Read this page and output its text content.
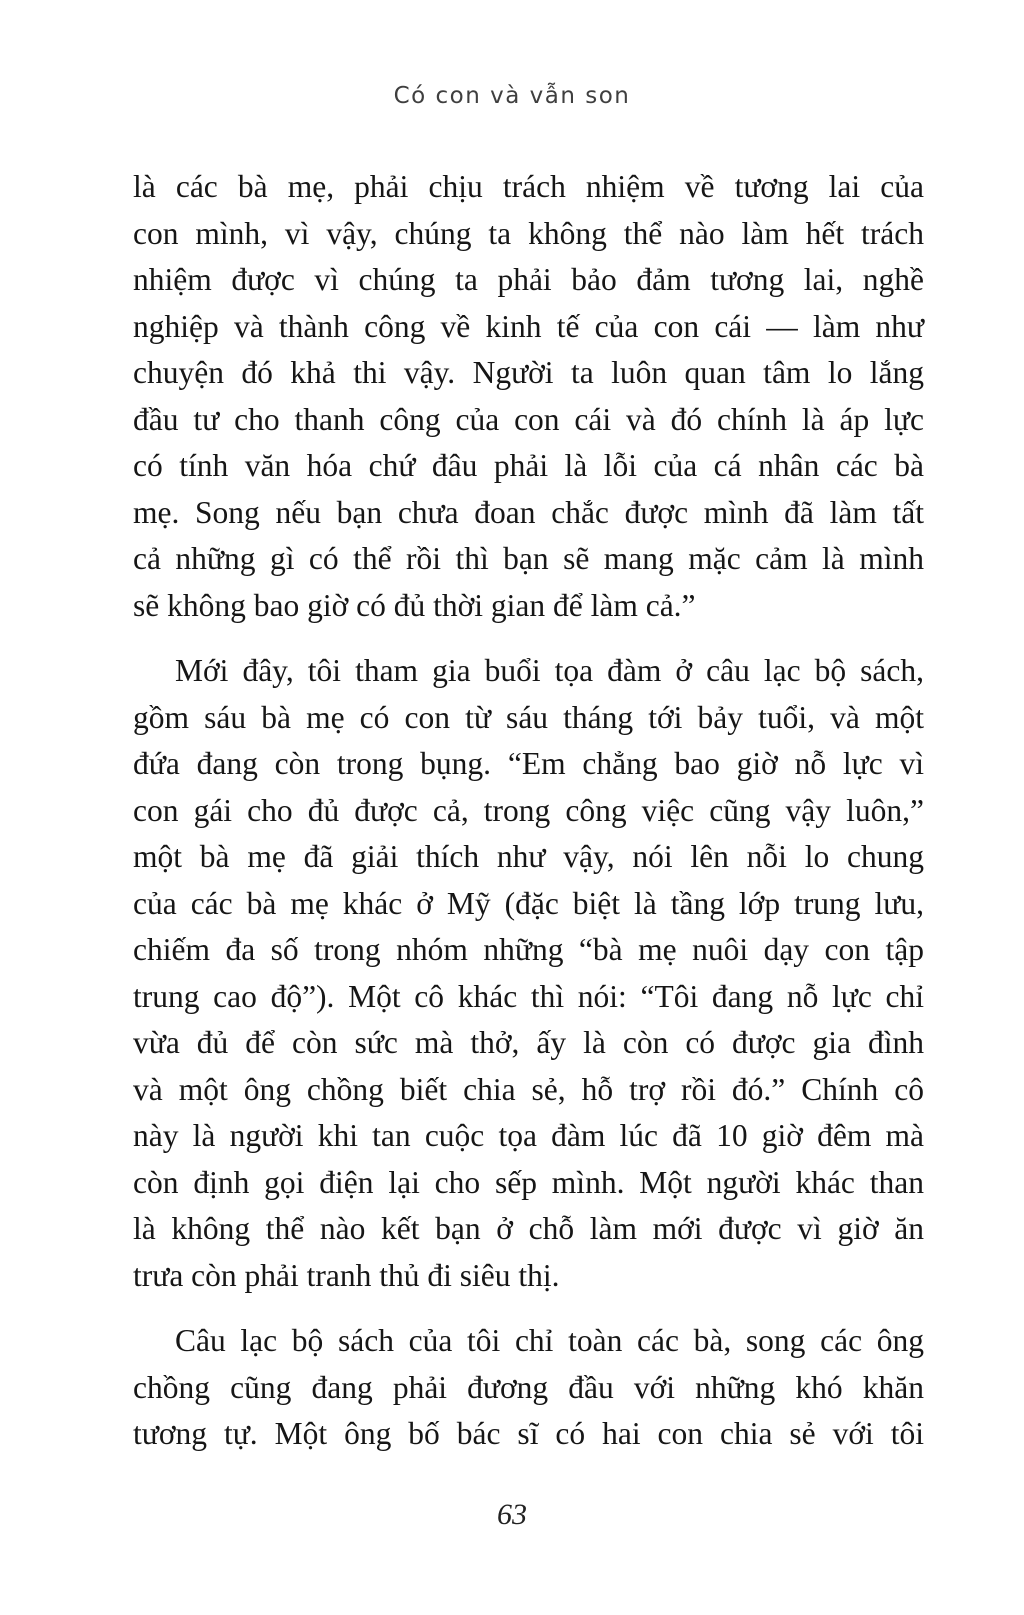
Có con và vẫn son
là các bà mẹ, phải chịu trách nhiệm về tương lai của
con mình, vì vậy, chúng ta không thể nào làm hết trách
nhiệm được vì chúng ta phải bảo đảm tương lai, nghề
nghiệp và thành công về kinh tế của con cái — làm như
chuyện đó khả thi vậy. Người ta luôn quan tâm lo lắng
đầu tư cho thanh công của con cái và đó chính là áp lực
có tính văn hóa chứ đâu phải là lỗi của cá nhân các bà
mẹ. Song nếu bạn chưa đoan chắc được mình đã làm tất
cả những gì có thể rồi thì bạn sẽ mang mặc cảm là mình
sẽ không bao giờ có đủ thời gian để làm cả.”
Mới đây, tôi tham gia buổi tọa đàm ở câu lạc bộ sách,
gồm sáu bà mẹ có con từ sáu tháng tới bảy tuổi, và một
đứa đang còn trong bụng. “Em chẳng bao giờ nỗ lực vì
con gái cho đủ được cả, trong công việc cũng vậy luôn,”
một bà mẹ đã giải thích như vậy, nói lên nỗi lo chung
của các bà mẹ khác ở Mỹ (đặc biệt là tầng lớp trung lưu,
chiếm đa số trong nhóm những “bà mẹ nuôi dạy con tập
trung cao độ”). Một cô khác thì nói: “Tôi đang nỗ lực chỉ
vừa đủ để còn sức mà thở, ấy là còn có được gia đình
và một ông chồng biết chia sẻ, hỗ trợ rồi đó.” Chính cô
này là người khi tan cuộc tọa đàm lúc đã 10 giờ đêm mà
còn định gọi điện lại cho sếp mình. Một người khác than
là không thể nào kết bạn ở chỗ làm mới được vì giờ ăn
trưa còn phải tranh thủ đi siêu thị.
Câu lạc bộ sách của tôi chỉ toàn các bà, song các ông
chồng cũng đang phải đương đầu với những khó khăn
tương tự. Một ông bố bác sĩ có hai con chia sẻ với tôi
63
